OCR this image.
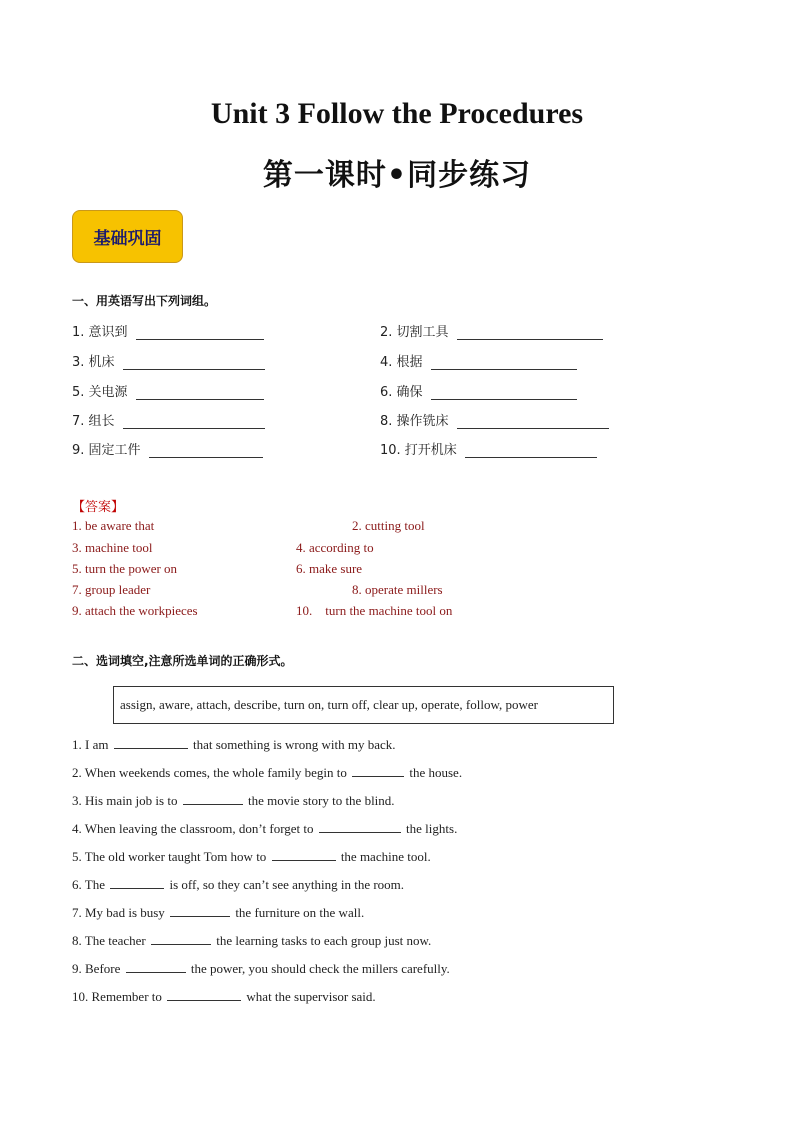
Unit 3 Follow the Procedures
第一课时•同步练习
基础巩固
一、用英语写出下列词组。
1. 意识到	2. 切割工具
3. 机床	4. 根据
5. 关电源	6. 确保
7. 组长	8. 操作铣床
9. 固定工件	10. 打开机床
【答案】
1. be aware that	2. cutting tool
3. machine tool	4. according to
5. turn the power on	6. make sure
7. group leader	8. operate millers
9. attach the workpieces	10.    turn the machine tool on
二、选词填空,注意所选单词的正确形式。
assign, aware, attach, describe, turn on, turn off, clear up, operate, follow, power
1. I am	that something is wrong with my back.
2. When weekends comes, the whole family begin to	the house.
3. His main job is to	the movie story to the blind.
4. When leaving the classroom, don’t forget to	the lights.
5. The old worker taught Tom how to	the machine tool.
6. The	is off, so they can’t see anything in the room.
7. My bad is busy	the furniture on the wall.
8. The teacher	the learning tasks to each group just now.
9. Before	the power, you should check the millers carefully.
10. Remember to	what the supervisor said.
